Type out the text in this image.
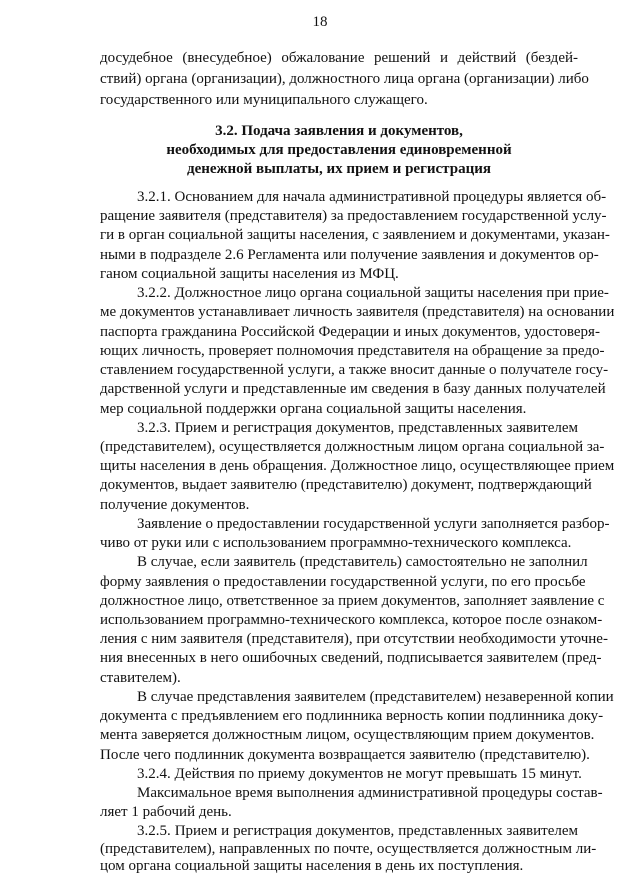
18
досудебное (внесудебное) обжалование решений и действий (бездей-
ствий) органа (организации), должностного лица органа (организации) либо
государственного или муниципального служащего.
3.2. Подача заявления и документов,
необходимых для предоставления единовременной
денежной выплаты, их прием и регистрация
3.2.1. Основанием для начала административной процедуры является об-
ращение заявителя (представителя) за предоставлением государственной услу-
ги в орган социальной защиты населения, с заявлением и документами, указан-
ными в подразделе 2.6 Регламента или получение заявления и документов ор-
ганом социальной защиты населения из МФЦ.
3.2.2. Должностное лицо органа социальной защиты населения при прие-
ме документов устанавливает личность заявителя (представителя) на основании
паспорта гражданина Российской Федерации и иных документов, удостоверя-
ющих личность, проверяет полномочия представителя на обращение за предо-
ставлением государственной услуги, а также вносит данные о получателе госу-
дарственной услуги и представленные им сведения в базу данных получателей
мер социальной поддержки органа социальной защиты населения.
3.2.3. Прием и регистрация документов, представленных заявителем
(представителем), осуществляется должностным лицом органа социальной за-
щиты населения в день обращения. Должностное лицо, осуществляющее прием
документов, выдает заявителю (представителю) документ, подтверждающий
получение документов.
Заявление о предоставлении государственной услуги заполняется разбор-
чиво от руки или с использованием программно-технического комплекса.
В случае, если заявитель (представитель) самостоятельно не заполнил
форму заявления о предоставлении государственной услуги, по его просьбе
должностное лицо, ответственное за прием документов, заполняет заявление с
использованием программно-технического комплекса, которое после ознаком-
ления с ним заявителя (представителя), при отсутствии необходимости уточне-
ния внесенных в него ошибочных сведений, подписывается заявителем (пред-
ставителем).
В случае представления заявителем (представителем) незаверенной копии
документа с предъявлением его подлинника верность копии подлинника доку-
мента заверяется должностным лицом, осуществляющим прием документов.
После чего подлинник документа возвращается заявителю (представителю).
3.2.4. Действия по приему документов не могут превышать 15 минут.
Максимальное время выполнения административной процедуры состав-
ляет 1 рабочий день.
3.2.5. Прием и регистрация документов, представленных заявителем
(представителем), направленных по почте, осуществляется должностным ли-
цом органа социальной защиты населения в день их поступления.
